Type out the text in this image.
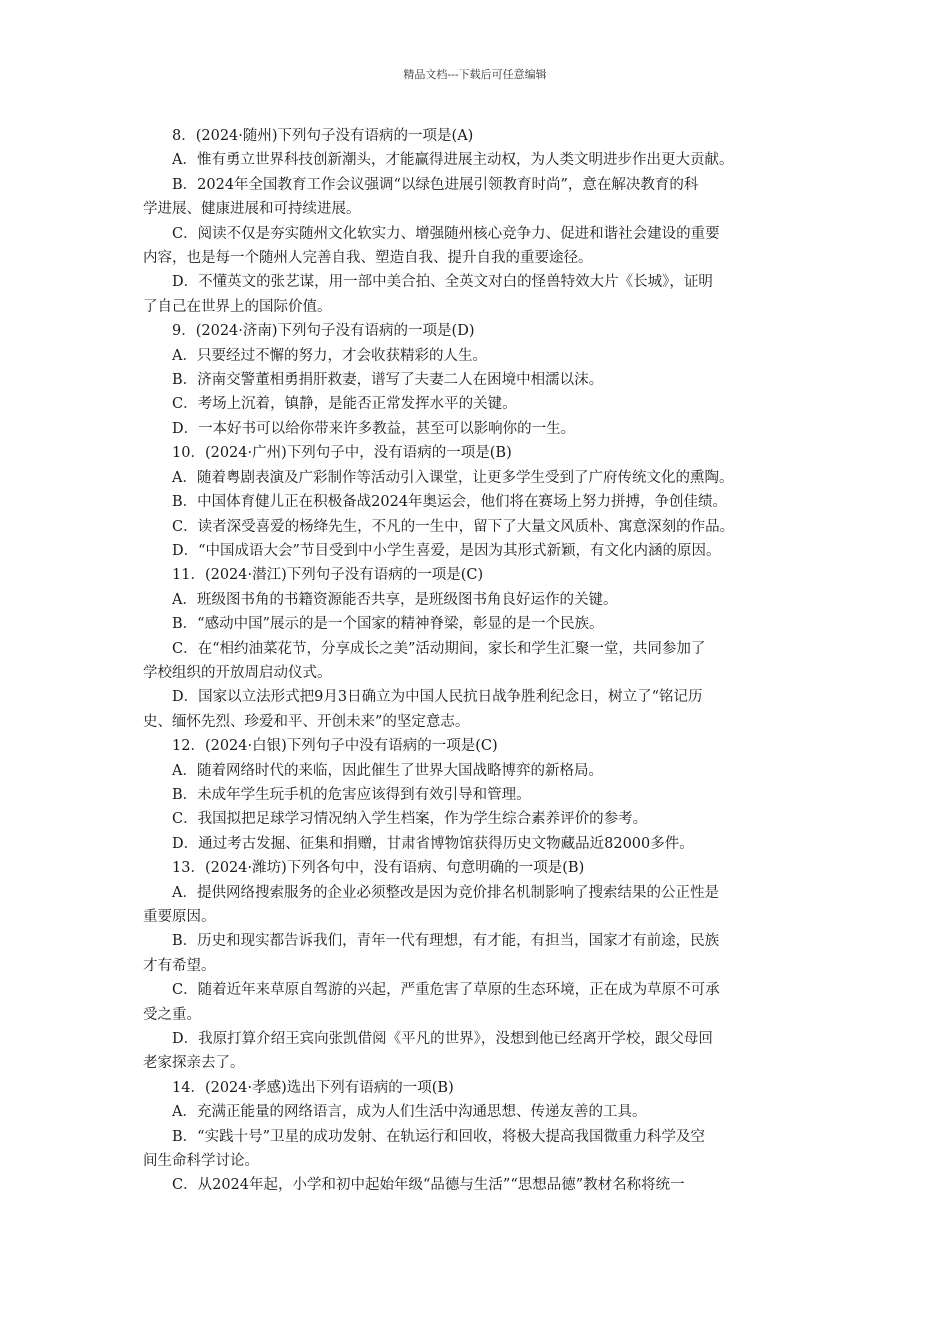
精品文档---下载后可任意编辑
8．(2024·随州)下列句子没有语病的一项是(A)
A．惟有勇立世界科技创新潮头，才能赢得进展主动权，为人类文明进步作出更大贡献。
B．2024年全国教育工作会议强调“以绿色进展引领教育时尚”，意在解决教育的科
学进展、健康进展和可持续进展。
C．阅读不仅是夯实随州文化软实力、增强随州核心竞争力、促进和谐社会建设的重要
内容，也是每一个随州人完善自我、塑造自我、提升自我的重要途径。
D．不懂英文的张艺谋，用一部中美合拍、全英文对白的怪兽特效大片《长城》，证明
了自己在世界上的国际价值。
9．(2024·济南)下列句子没有语病的一项是(D)
A．只要经过不懈的努力，才会收获精彩的人生。
B．济南交警董相勇捐肝救妻，谱写了夫妻二人在困境中相濡以沫。
C．考场上沉着，镇静，是能否正常发挥水平的关键。
D．一本好书可以给你带来许多教益，甚至可以影响你的一生。
10．(2024·广州)下列句子中，没有语病的一项是(B)
A．随着粤剧表演及广彩制作等活动引入课堂，让更多学生受到了广府传统文化的熏陶。
B．中国体育健儿正在积极备战2024年奥运会，他们将在赛场上努力拼搏，争创佳绩。
C．读者深受喜爱的杨绛先生，不凡的一生中，留下了大量文风质朴、寓意深刻的作品。
D．“中国成语大会”节目受到中小学生喜爱，是因为其形式新颖，有文化内涵的原因。
11．(2024·潜江)下列句子没有语病的一项是(C)
A．班级图书角的书籍资源能否共享，是班级图书角良好运作的关键。
B．“感动中国”展示的是一个国家的精神脊梁，彰显的是一个民族。
C．在“相约油菜花节，分享成长之美”活动期间，家长和学生汇聚一堂，共同参加了
学校组织的开放周启动仪式。
D．国家以立法形式把9月3日确立为中国人民抗日战争胜利纪念日，树立了“铭记历
史、缅怀先烈、珍爱和平、开创未来”的坚定意志。
12．(2024·白银)下列句子中没有语病的一项是(C)
A．随着网络时代的来临，因此催生了世界大国战略博弈的新格局。
B．未成年学生玩手机的危害应该得到有效引导和管理。
C．我国拟把足球学习情况纳入学生档案，作为学生综合素养评价的参考。
D．通过考古发掘、征集和捐赠，甘肃省博物馆获得历史文物藏品近82000多件。
13．(2024·潍坊)下列各句中，没有语病、句意明确的一项是(B)
A．提供网络搜索服务的企业必须整改是因为竞价排名机制影响了搜索结果的公正性是
重要原因。
B．历史和现实都告诉我们，青年一代有理想，有才能，有担当，国家才有前途，民族
才有希望。
C．随着近年来草原自驾游的兴起，严重危害了草原的生态环境，正在成为草原不可承
受之重。
D．我原打算介绍王宾向张凯借阅《平凡的世界》，没想到他已经离开学校，跟父母回
老家探亲去了。
14．(2024·孝感)选出下列有语病的一项(B)
A．充满正能量的网络语言，成为人们生活中沟通思想、传递友善的工具。
B．“实践十号”卫星的成功发射、在轨运行和回收，将极大提高我国微重力科学及空
间生命科学讨论。
C．从2024年起，小学和初中起始年级“品德与生活”“思想品德”教材名称将统一
